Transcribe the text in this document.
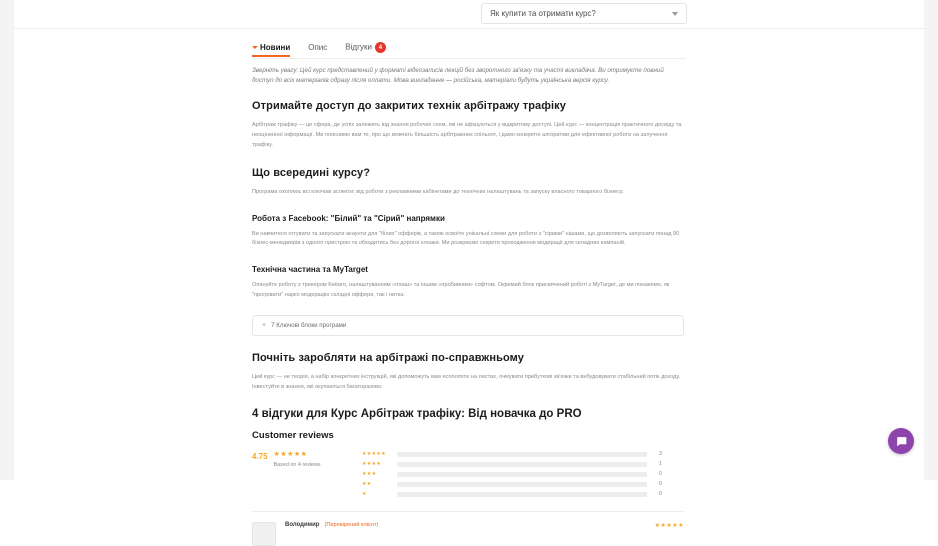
Як купити та отримати курс?
Новини Опис Відгуки 4

Зверніть увагу: Цей курс представлений у форматі відеозаписів лекцій без зворотного зв'язку та участі викладача. Ви отримуєте повний доступ до всіх матеріалів одразу після оплати. Мова викладання — російська, матеріали будуть українська версія курсу.

Отримайте доступ до закритих технік арбітражу трафіку

Арбітраж трафіку — це сфера, де успіх залежить від знання робочих схем, які не афішуються у відкритому доступі. Цей курс — концентрація практичного досвіду та неоціненної інформації. Ми пояснимо вам те, про що мовчать більшість арбітражних спільнот, і дамо конкретні алгоритми для ефективної роботи на залучення трафіку.

Що всередині курсу?

Програма охоплює всі ключові аспекти: від роботи з рекламними кабінетами до технічних налаштувань та запуску власного товарного бізнесу.

Робота з Facebook: "Білий" та "Сірий" напрямки

Ви навчитеся готувати та запускати акаунти для "білих" офферів, а також освоїте унікальні схеми для роботи з "сірими" нішами, що дозволяють запускати понад 90 бізнес-менеджерів з одного пристрою та обходитись без дорогої клоаки. Ми розкриємо секрети проходження модерації для складних кампаній.

Технічна частина та MyTarget

Опануйте роботу з трекером Keitaro, налаштуванням «плаш» та іншим «пробивним» софтом. Окремий блок присвячений роботі з MyTarget, де ми покажемо, як "прогрівати" нарко модерацію складні оффери, так і нитка.

+ 7 Ключові блоки програми
Почніть заробляти на арбітражі по-справжньому

Цей курс — не теорія, а набір конкретних інструкцій, які допоможуть вам economiте на листах, очікувати прибуткові зв'язки та вибудовувати стабільний потік доходу. Інвестуйте в знання, які окупаються багаторазово.

4 відгуки для Курс Арбітраж трафіку: Від новачка до PRO
Customer reviews
4.75 ★★★★★
Based on 4 reviews
★★★★★	3
★★★★	1
★★★	0
★★	0
★	0
Володимир (Перевірений клієнт)	★★★★★
